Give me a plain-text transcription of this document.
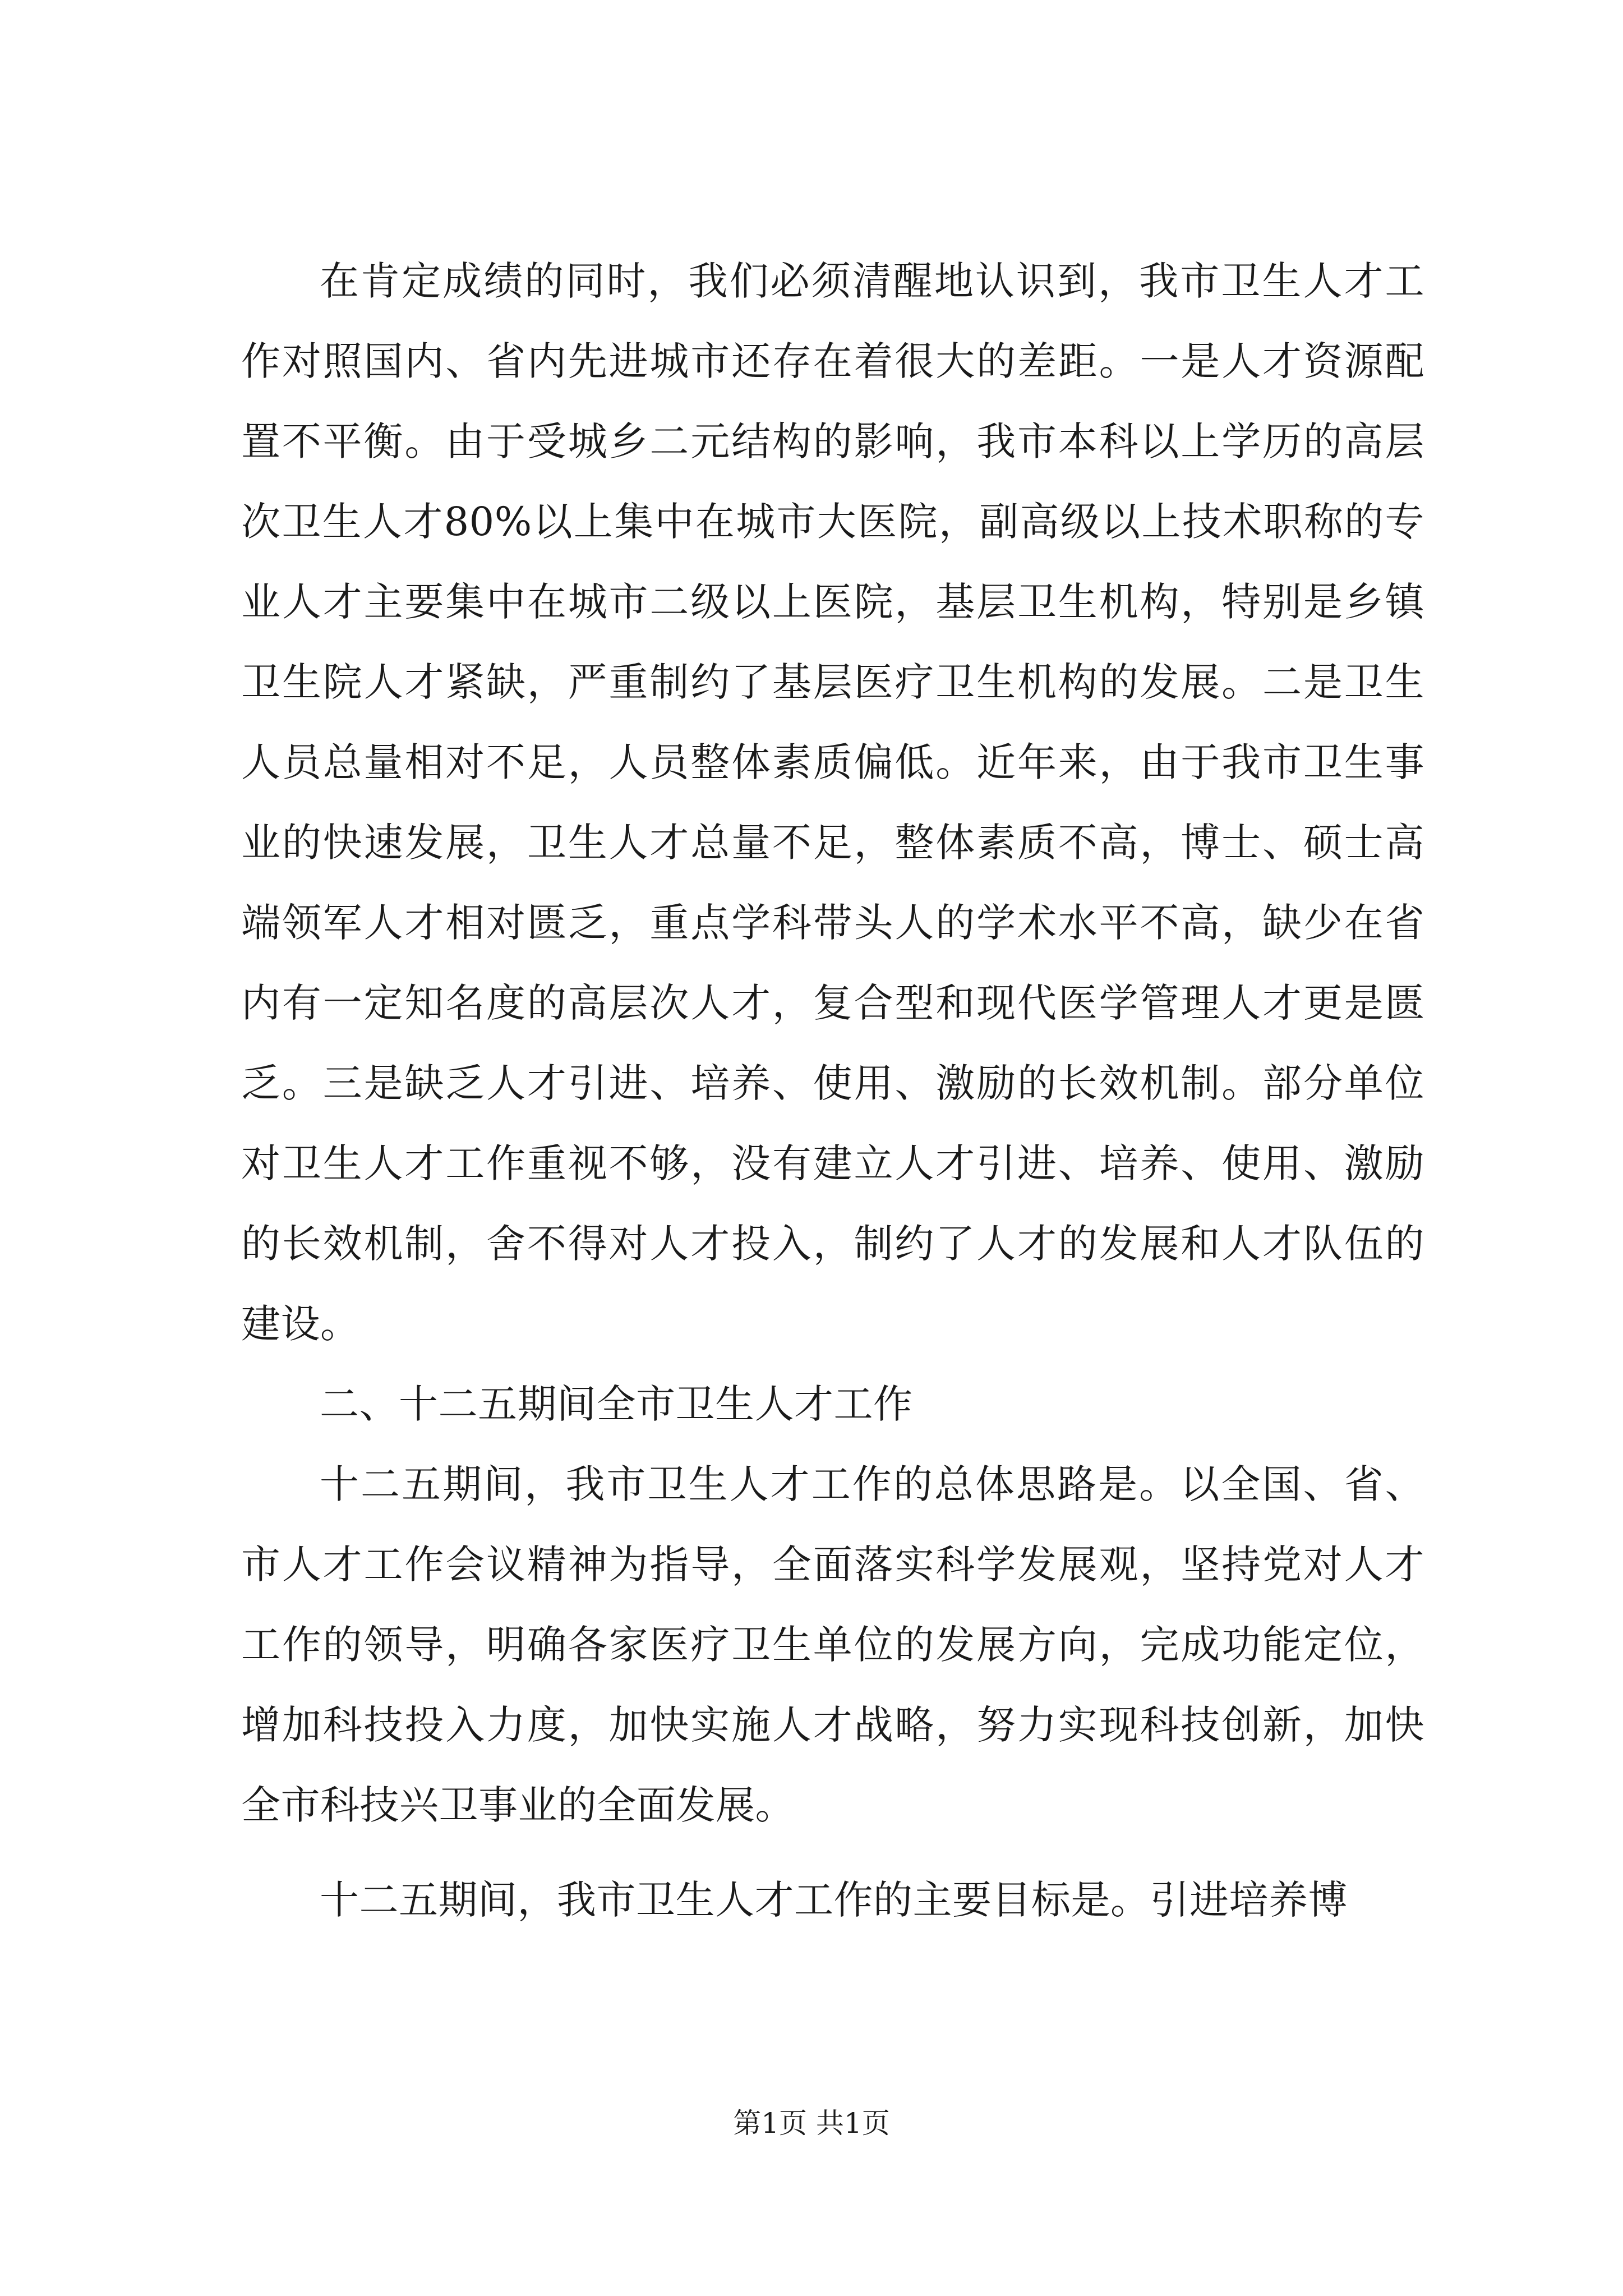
在肯定成绩的同时，我们必须清醒地认识到，我市卫生人才工作对照国内、省内先进城市还存在着很大的差距。一是人才资源配置不平衡。由于受城乡二元结构的影响，我市本科以上学历的高层次卫生人才80%以上集中在城市大医院，副高级以上技术职称的专业人才主要集中在城市二级以上医院，基层卫生机构，特别是乡镇卫生院人才紧缺，严重制约了基层医疗卫生机构的发展。二是卫生人员总量相对不足，人员整体素质偏低。近年来，由于我市卫生事业的快速发展，卫生人才总量不足，整体素质不高，博士、硕士高端领军人才相对匮乏，重点学科带头人的学术水平不高，缺少在省内有一定知名度的高层次人才，复合型和现代医学管理人才更是匮乏。三是缺乏人才引进、培养、使用、激励的长效机制。部分单位对卫生人才工作重视不够，没有建立人才引进、培养、使用、激励的长效机制，舍不得对人才投入，制约了人才的发展和人才队伍的建设。

二、十二五期间全市卫生人才工作

十二五期间，我市卫生人才工作的总体思路是。以全国、省、市人才工作会议精神为指导，全面落实科学发展观，坚持党对人才工作的领导，明确各家医疗卫生单位的发展方向，完成功能定位，增加科技投入力度，加快实施人才战略，努力实现科技创新，加快全市科技兴卫事业的全面发展。

十二五期间，我市卫生人才工作的主要目标是。引进培养博

第1页 共1页
